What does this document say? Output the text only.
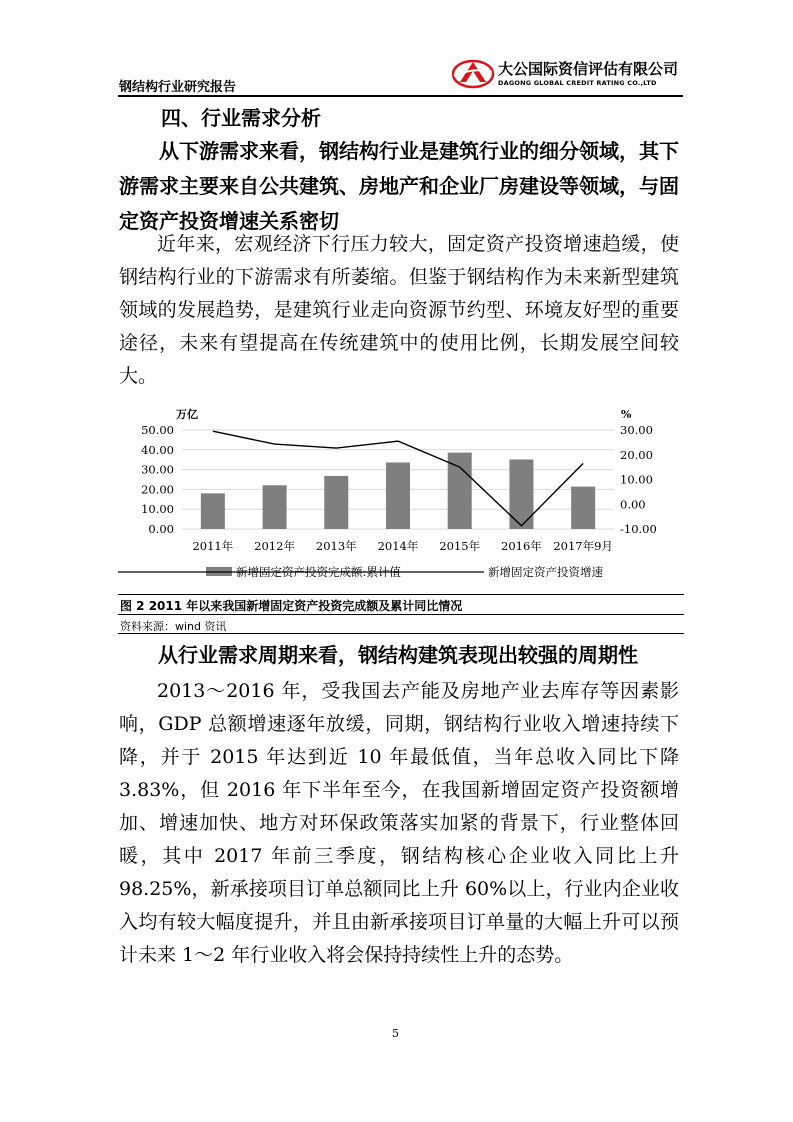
钢结构行业研究报告
大公国际资信评估有限公司
DAGONG GLOBAL CREDIT RATING CO.,LTD
四、行业需求分析
从下游需求来看，钢结构行业是建筑行业的细分领域，其下游需求主要来自公共建筑、房地产和企业厂房建设等领域，与固定资产投资增速关系密切
近年来，宏观经济下行压力较大，固定资产投资增速趋缓，使钢结构行业的下游需求有所萎缩。但鉴于钢结构作为未来新型建筑领域的发展趋势，是建筑行业走向资源节约型、环境友好型的重要途径，未来有望提高在传统建筑中的使用比例，长期发展空间较大。
0.00
10.00
20.00
30.00
40.00
50.00
-10.00
0.00
10.00
20.00
30.00
2011年 2012年 2013年 2014年 2015年 2016年 2017年9月
万亿	%
新增固定资产投资完成额:累计值	新增固定资产投资增速
图 2 2011 年以来我国新增固定资产投资完成额及累计同比情况
资料来源：wind 资讯
从行业需求周期来看，钢结构建筑表现出较强的周期性
2013～2016 年，受我国去产能及房地产业去库存等因素影响，GDP 总额增速逐年放缓，同期，钢结构行业收入增速持续下降，并于 2015 年达到近 10 年最低值，当年总收入同比下降 3.83%，但 2016 年下半年至今，在我国新增固定资产投资额增加、增速加快、地方对环保政策落实加紧的背景下，行业整体回暖，其中 2017 年前三季度，钢结构核心企业收入同比上升 98.25%，新承接项目订单总额同比上升 60%以上，行业内企业收入均有较大幅度提升，并且由新承接项目订单量的大幅上升可以预计未来 1～2 年行业收入将会保持持续性上升的态势。
5
